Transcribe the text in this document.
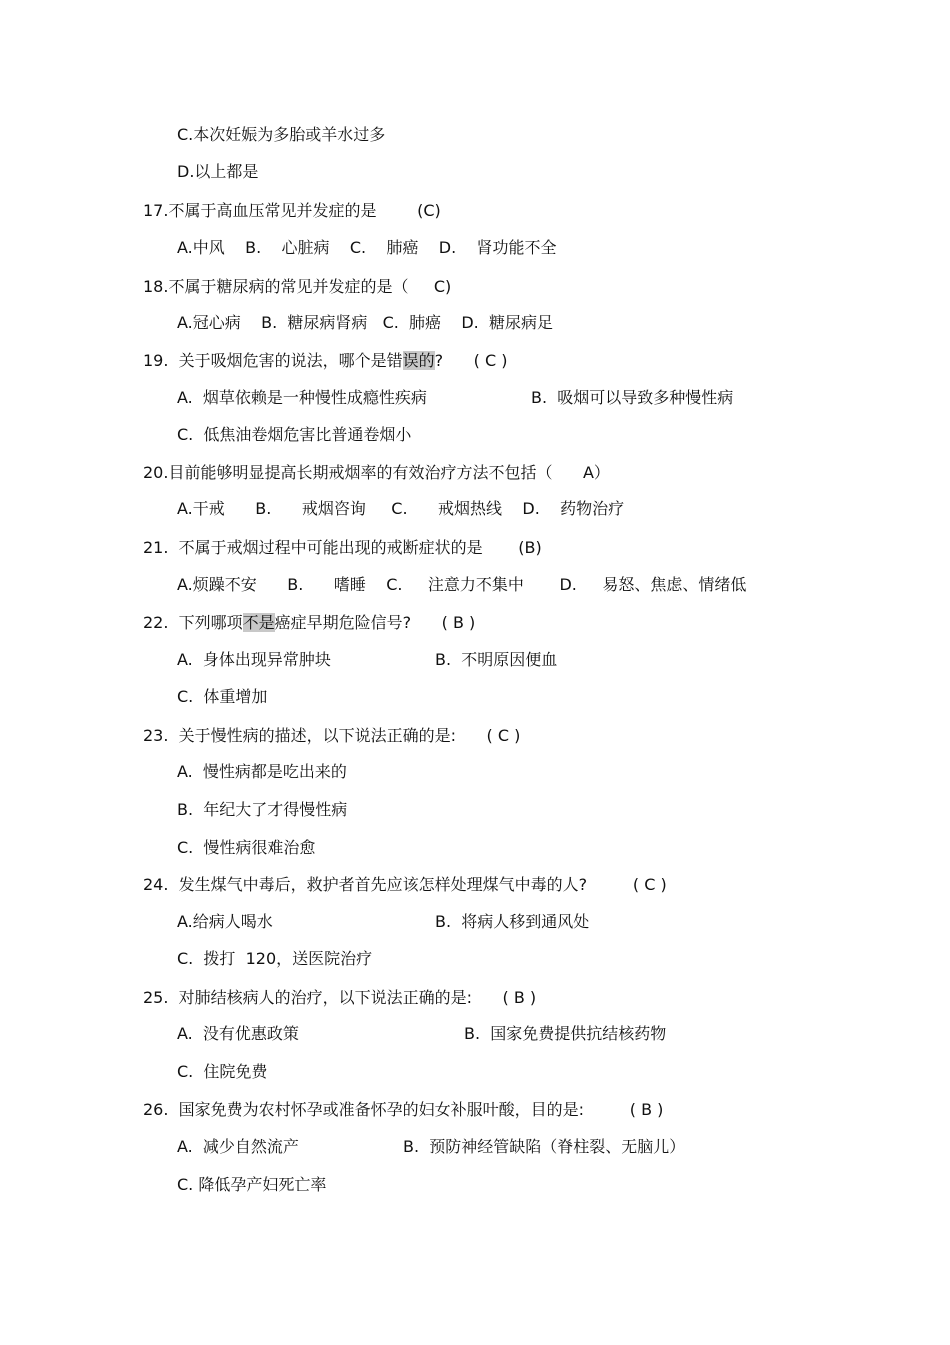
C.本次妊娠为多胎或羊水过多
D.以上都是
17.不属于高血压常见并发症的是        (C)
A.中风    B.    心脏病    C.    肺癌    D.    肾功能不全
18.不属于糖尿病的常见并发症的是（     C)
A.冠心病    B.  糖尿病肾病   C.  肺癌    D.  糖尿病足
19.  关于吸烟危害的说法，哪个是错误的?      ( C )
A.  烟草依赖是一种慢性成瘾性疾病	B.  吸烟可以导致多种慢性病
C.  低焦油卷烟危害比普通卷烟小
20.目前能够明显提高长期戒烟率的有效治疗方法不包括（      A）
A.干戒      B.      戒烟咨询     C.      戒烟热线    D.    药物治疗
21.  不属于戒烟过程中可能出现的戒断症状的是       (B)
A.烦躁不安      B.      嗜睡    C.     注意力不集中       D.     易怒、焦虑、情绪低
22.  下列哪项不是癌症早期危险信号?      ( B )
A.  身体出现异常肿块	B.  不明原因便血
C.  体重增加
23.  关于慢性病的描述，以下说法正确的是:      ( C )
A.  慢性病都是吃出来的
B.  年纪大了才得慢性病
C.  慢性病很难治愈
24.  发生煤气中毒后，救护者首先应该怎样处理煤气中毒的人?         ( C )
A.给病人喝水	B.  将病人移到通风处
C.  拨打  120，送医院治疗
25.  对肺结核病人的治疗，以下说法正确的是:      ( B )
A.  没有优惠政策	B.  国家免费提供抗结核药物
C.  住院免费
26.  国家免费为农村怀孕或准备怀孕的妇女补服叶酸，目的是:         ( B )
A.  减少自然流产	B.  预防神经管缺陷（脊柱裂、无脑儿）
C. 降低孕产妇死亡率
